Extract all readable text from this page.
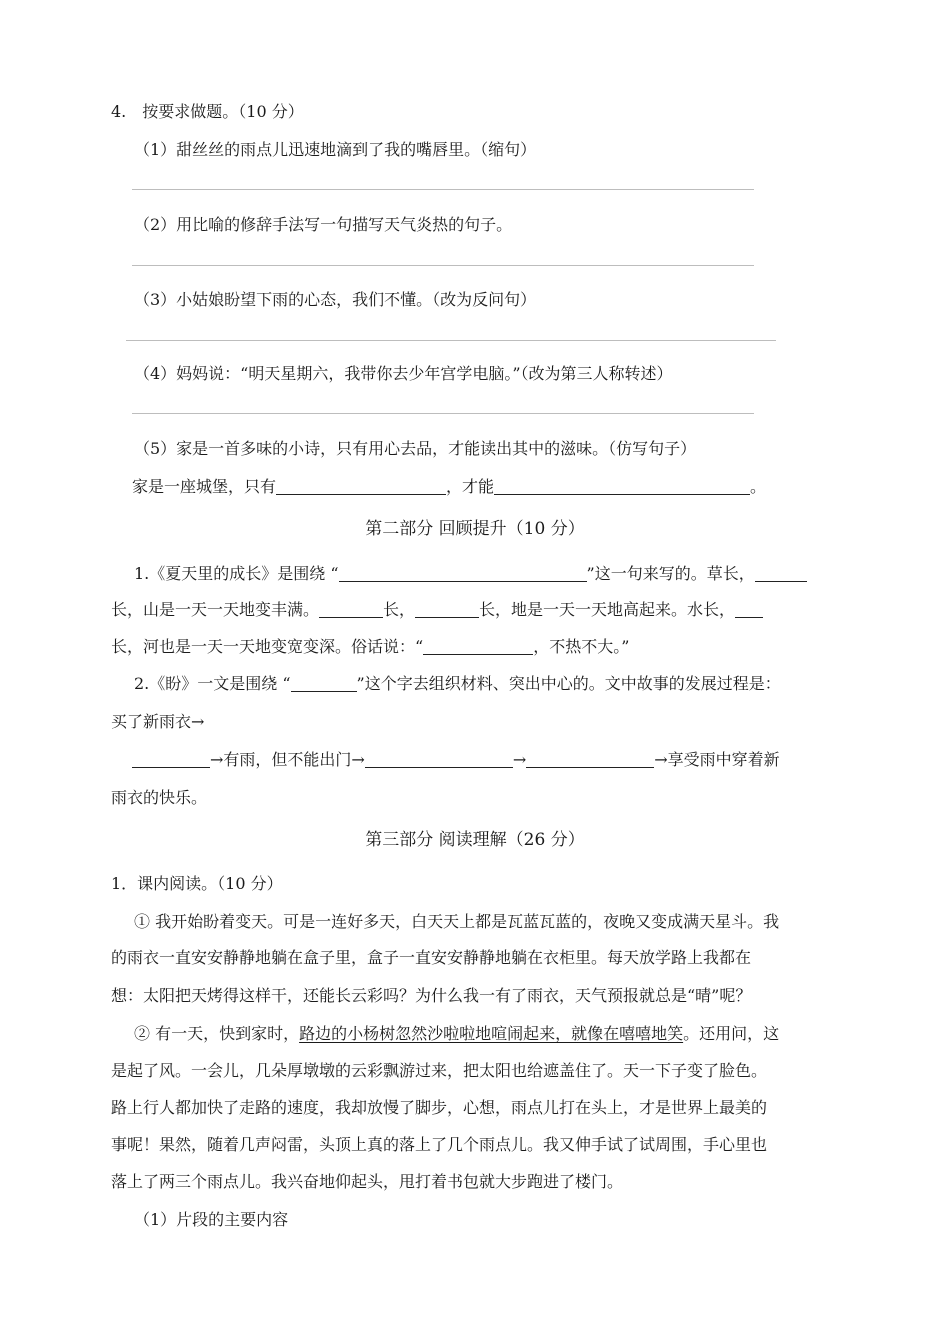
4.　按要求做题。（10 分）
（1）甜丝丝的雨点儿迅速地滴到了我的嘴唇里。（缩句）
（2）用比喻的修辞手法写一句描写天气炎热的句子。
（3）小姑娘盼望下雨的心态，我们不懂。（改为反问句）
（4）妈妈说：“明天星期六，我带你去少年宫学电脑。”（改为第三人称转述）
（5）家是一首多味的小诗，只有用心去品，才能读出其中的滋味。（仿写句子）
家是一座城堡，只有	，才能	。
第二部分 回顾提升（10 分）
1.《夏天里的成长》是围绕 “	”这一句来写的。草长，
长，山是一天一天地变丰满。	长，	长，地是一天一天地高起来。水长，
长，河也是一天一天地变宽变深。俗话说：“	，不热不大。”
2.《盼》一文是围绕 “	”这个字去组织材料、突出中心的。文中故事的发展过程是：
买了新雨衣→
→有雨，但不能出门→	→	→享受雨中穿着新
雨衣的快乐。
第三部分 阅读理解（26 分）
1．课内阅读。（10 分）
① 我开始盼着变天。可是一连好多天，白天天上都是瓦蓝瓦蓝的，夜晚又变成满天星斗。我
的雨衣一直安安静静地躺在盒子里，盒子一直安安静静地躺在衣柜里。每天放学路上我都在
想：太阳把天烤得这样干，还能长云彩吗？为什么我一有了雨衣，天气预报就总是“晴”呢？
② 有一天，快到家时，路边的小杨树忽然沙啦啦地喧闹起来，就像在嘻嘻地笑。还用问，这
是起了风。一会儿，几朵厚墩墩的云彩飘游过来，把太阳也给遮盖住了。天一下子变了脸色。
路上行人都加快了走路的速度，我却放慢了脚步，心想，雨点儿打在头上，才是世界上最美的
事呢！果然，随着几声闷雷，头顶上真的落上了几个雨点儿。我又伸手试了试周围，手心里也
落上了两三个雨点儿。我兴奋地仰起头，甩打着书包就大步跑进了楼门。
（1）片段的主要内容
